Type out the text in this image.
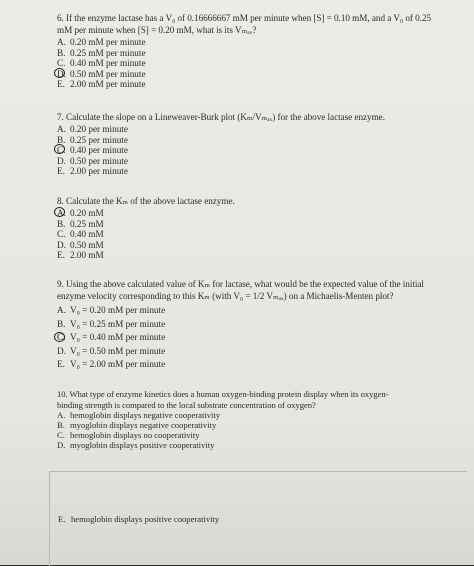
6. If the enzyme lactase has a V₀ of 0.16666667 mM per minute when [S] = 0.10 mM, and a V₀ of 0.25
mM per minute when [S] = 0.20 mM, what is its Vₘₐₓ?
A. 0.20 mM per minute
B. 0.25 mM per minute
C. 0.40 mM per minute
D. 0.50 mM per minute
E. 2.00 mM per minute
7. Calculate the slope on a Lineweaver-Burk plot (Kₘ/Vₘₐₓ) for the above lactase enzyme.
A. 0.20 per minute
B. 0.25 per minute
C. 0.40 per minute
D. 0.50 per minute
E. 2.00 per minute
8. Calculate the Kₘ of the above lactase enzyme.
A. 0.20 mM
B. 0.25 mM
C. 0.40 mM
D. 0.50 mM
E. 2.00 mM
9. Using the above calculated value of Kₘ for lactase, what would be the expected value of the initial
enzyme velocity corresponding to this Kₘ (with V₀ = 1/2 Vₘₐₓ) on a Michaelis-Menten plot?
A. V₀ = 0.20 mM per minute
B. V₀ = 0.25 mM per minute
C. V₀ = 0.40 mM per minute
D. V₀ = 0.50 mM per minute
E. V₀ = 2.00 mM per minute
10. What type of enzyme kinetics does a human oxygen-binding protein display when its oxygen-
binding strength is compared to the local substrate concentration of oxygen?
A. hemoglobin displays negative cooperativity
B. myoglobin displays negative cooperativity
C. hemoglobin displays no cooperativity
D. myoglobin displays positive cooperativity
E. hemoglobin displays positive cooperativity
